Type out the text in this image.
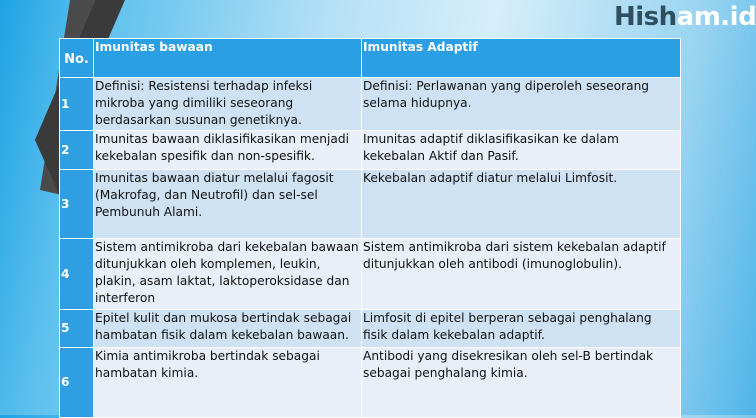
Hisham.id
No.	Imunitas bawaan	Imunitas Adaptif
1	Definisi: Resistensi terhadap infeksi mikroba yang dimiliki seseorang berdasarkan susunan genetiknya.	Definisi: Perlawanan yang diperoleh seseorang selama hidupnya.
2	Imunitas bawaan diklasifikasikan menjadi kekebalan spesifik dan non-spesifik.	Imunitas adaptif diklasifikasikan ke dalam kekebalan Aktif dan Pasif.
3	Imunitas bawaan diatur melalui fagosit (Makrofag, dan Neutrofil) dan sel-sel Pembunuh Alami.	Kekebalan adaptif diatur melalui Limfosit.
4	Sistem antimikroba dari kekebalan bawaan ditunjukkan oleh komplemen, leukin, plakin, asam laktat, laktoperoksidase dan interferon	Sistem antimikroba dari sistem kekebalan adaptif ditunjukkan oleh antibodi (imunoglobulin).
5	Epitel kulit dan mukosa bertindak sebagai hambatan fisik dalam kekebalan bawaan.	Limfosit di epitel berperan sebagai penghalang fisik dalam kekebalan adaptif.
6	Kimia antimikroba bertindak sebagai hambatan kimia.	Antibodi yang disekresikan oleh sel-B bertindak sebagai penghalang kimia.
